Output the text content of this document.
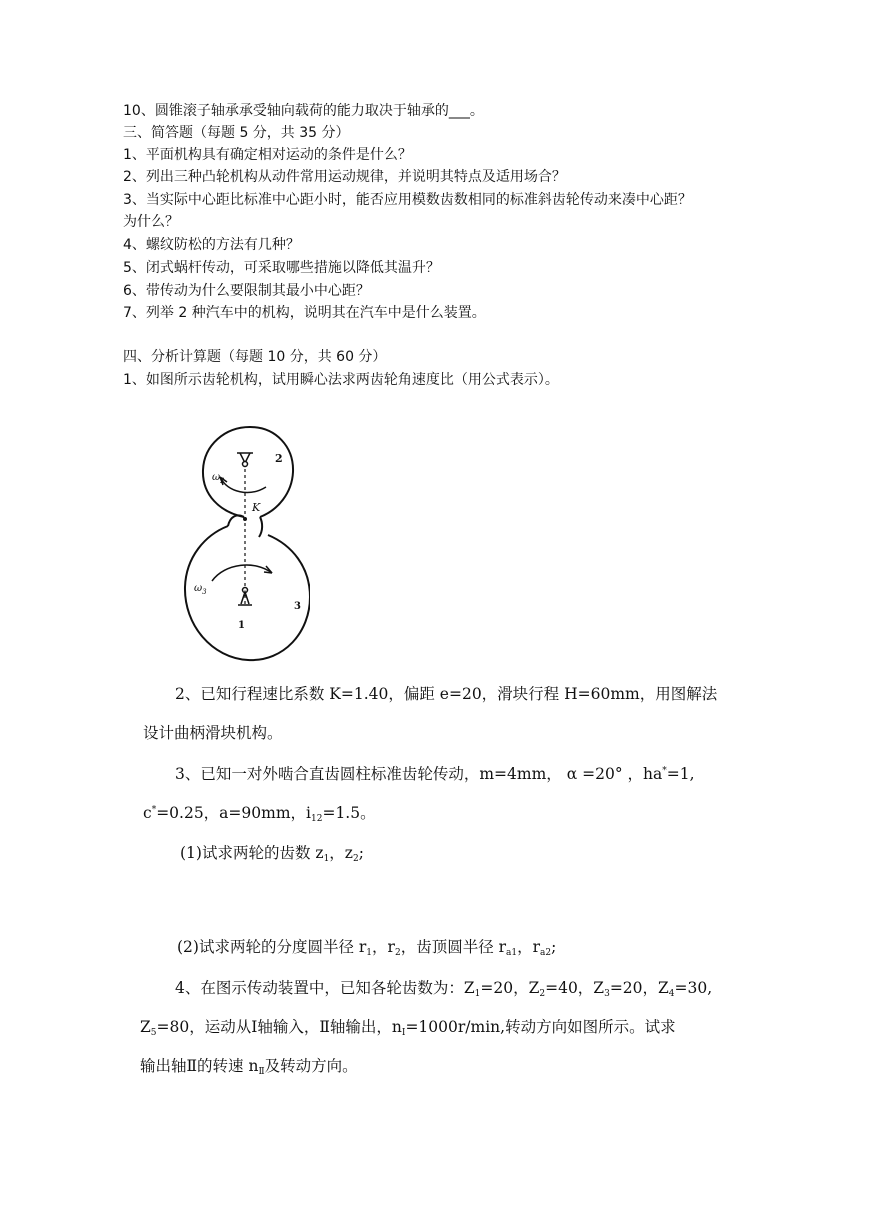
10、圆锥滚子轴承承受轴向载荷的能力取决于轴承的___。
三、简答题（每题 5 分，共 35 分）
1、平面机构具有确定相对运动的条件是什么？
2、列出三种凸轮机构从动件常用运动规律，并说明其特点及适用场合？
3、当实际中心距比标准中心距小时，能否应用模数齿数相同的标准斜齿轮传动来凑中心距？
为什么？
4、螺纹防松的方法有几种？
5、闭式蜗杆传动，可采取哪些措施以降低其温升？
6、带传动为什么要限制其最小中心距？
7、列举 2 种汽车中的机构，说明其在汽车中是什么装置。
四、分析计算题（每题 10 分，共 60 分）
1、如图所示齿轮机构，试用瞬心法求两齿轮角速度比（用公式表示）。
2
K
$\omega_2$
$\omega_3$
1
3
2、已知行程速比系数 K=1.40，偏距 e=20，滑块行程 H=60mm，用图解法
设计曲柄滑块机构。
3、已知一对外啮合直齿圆柱标准齿轮传动，m=4mm， α =20° ，ha*=1,
c*=0.25，a=90mm，$i_{12}=1.5$。
(1)试求两轮的齿数 $z_1$，$z_2$;
(2)试求两轮的分度圆半径 $r_1$，$r_2$，齿顶圆半径 $r_{a1}$，$r_{a2}$;
4、在图示传动装置中，已知各轮齿数为：$Z_1=20$，$Z_2=40$，$Z_3=20$，$Z_4=30$,
$Z_5=80$，运动从Ⅰ轴输入，Ⅱ轴输出，$n_Ⅰ=1000r/\min$,转动方向如图所示。试求
输出轴Ⅱ的转速 $n_Ⅱ$及转动方向。
